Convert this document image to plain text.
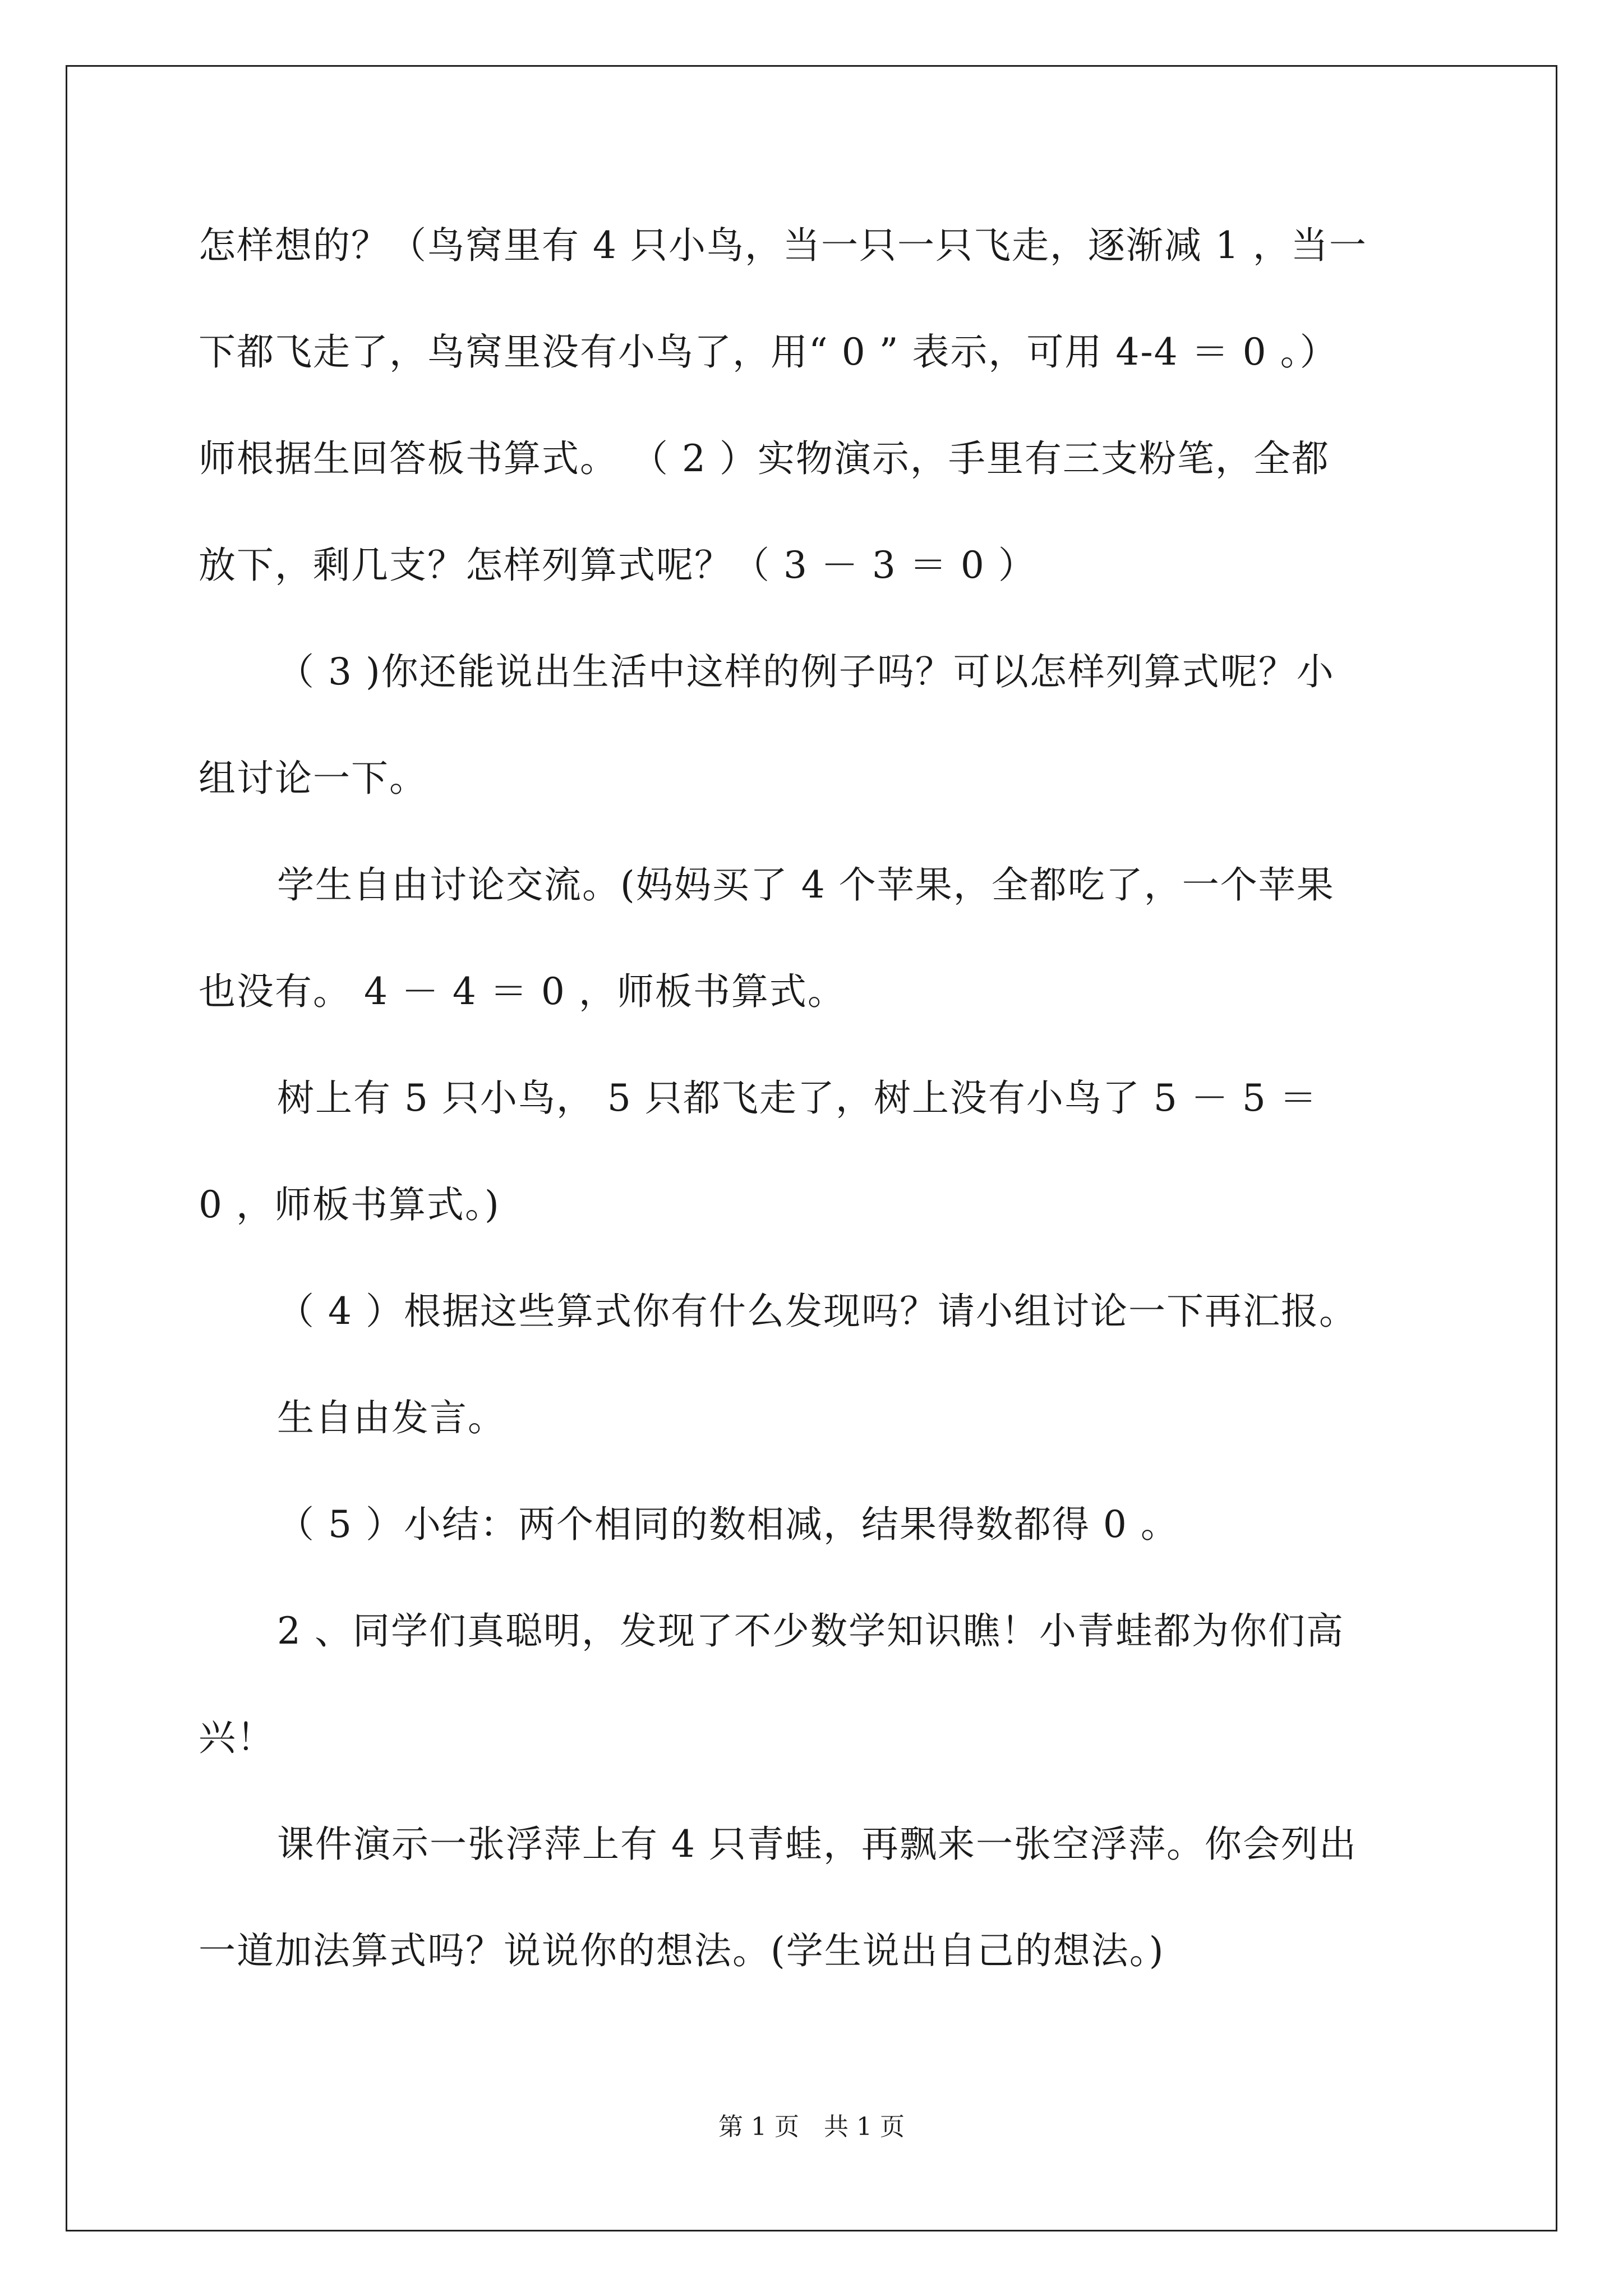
怎样想的？（鸟窝里有 4 只小鸟，当一只一只飞走，逐渐减 1 ，当一
下都飞走了，鸟窝里没有小鸟了，用“ 0 ” 表示，可用 4-4 ＝ 0 。）
师根据生回答板书算式。 （ 2 ）实物演示，手里有三支粉笔，全都
放下，剩几支？怎样列算式呢？（ 3 － 3 ＝ 0 ）
（ 3 )你还能说出生活中这样的例子吗？可以怎样列算式呢？小
组讨论一下。
学生自由讨论交流。(妈妈买了 4 个苹果，全都吃了，一个苹果
也没有。 4 － 4 ＝ 0 ，师板书算式。
树上有 5 只小鸟， 5 只都飞走了，树上没有小鸟了 5 － 5 ＝
0 ，师板书算式。)
（ 4 ）根据这些算式你有什么发现吗？请小组讨论一下再汇报。
生自由发言。
（ 5 ）小结：两个相同的数相减，结果得数都得 0 。
2 、同学们真聪明，发现了不少数学知识瞧！小青蛙都为你们高
兴！
课件演示一张浮萍上有 4 只青蛙，再飘来一张空浮萍。你会列出
一道加法算式吗？说说你的想法。(学生说出自己的想法。)
第 1 页　共 1 页
